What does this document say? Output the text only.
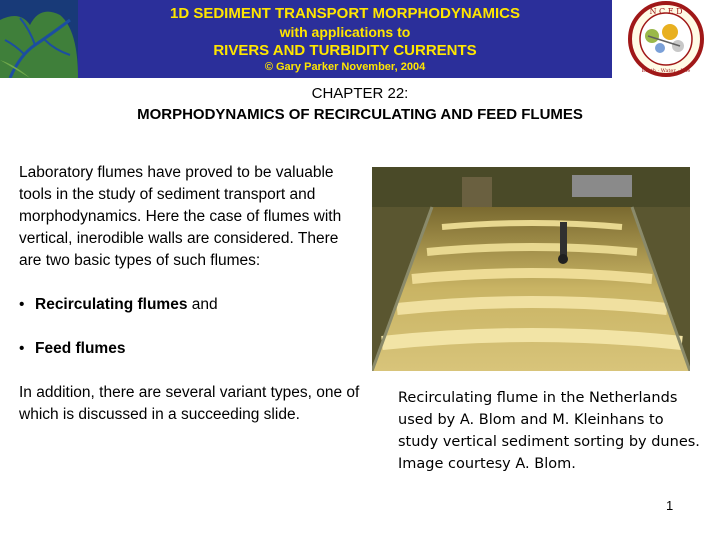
N C E D
Earth · Water · Life
1D SEDIMENT TRANSPORT MORPHODYNAMICS
with applications to
RIVERS AND TURBIDITY CURRENTS
© Gary Parker November, 2004
CHAPTER 22:
MORPHODYNAMICS OF RECIRCULATING AND FEED FLUMES

Laboratory flumes have proved to be valuable tools in the study of sediment transport and morphodynamics. Here the case of flumes with vertical, inerodible walls are considered. There are two basic types of such flumes:

• Recirculating flumes and
• Feed flumes

In addition, there are several variant types, one of which is discussed in a succeeding slide.

Recirculating flume in the Netherlands used by A. Blom and M. Kleinhans to study vertical sediment sorting by dunes. Image courtesy A. Blom.
1
